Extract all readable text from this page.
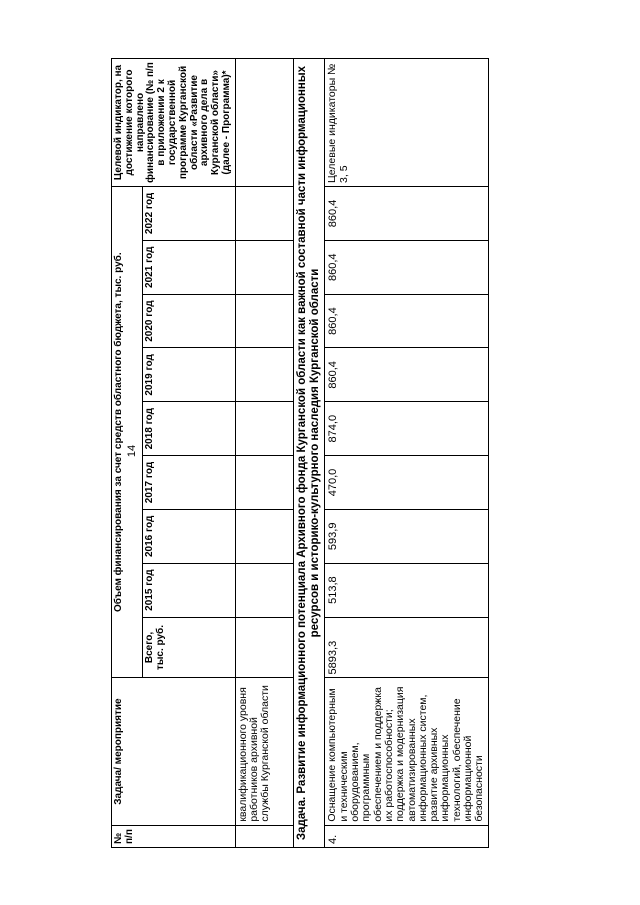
14
№ п/п	Задача/ мероприятие	Объем финансирования за счет средств областного бюджета, тыс. руб.									Целевой индикатор, на достижение которого направлено финансирование (№ п/п в приложении 2 к государственной программе Курганской области «Развитие архивного дела в Курганской области» (далее - Программа)*
		Всего, тыс. руб.	2015 год	2016 год	2017 год	2018 год	2019 год	2020 год	2021 год	2022 год	
	квалификационного уровня работников архивной службы Курганской области										
Задача. Развитие информационного потенциала Архивного фонда Курганской области как важной составной части информационных ресурсов и историко-культурного наследия Курганской области											
4.	Оснащение компьютерным и техническим оборудованием, программным обеспечением и поддержка их работоспособности; поддержка и модернизация автоматизированных информационных систем, развитие архивных информационных технологий, обеспечение информационной безопасности	5893,3	513,8	593,9	470,0	874,0	860,4	860,4	860,4	860,4	Целевые индикаторы № 3, 5
